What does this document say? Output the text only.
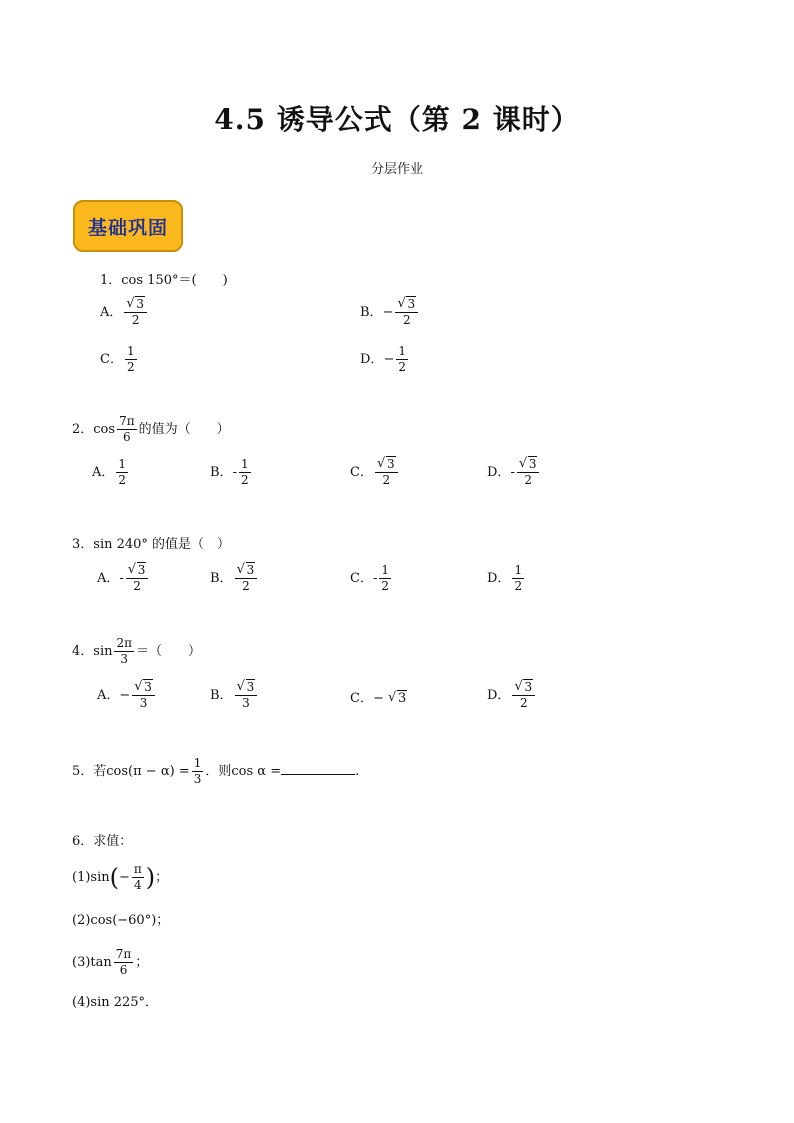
4.5 诱导公式（第 2 课时）
分层作业
基础巩固
1．cos 150°＝(　　)
A． √ $\frac{3}{2}$	B．− √ $\frac{3}{2}$
C． $\frac{1}{2}$	D．− $\frac{1}{2}$
2．$\cos \frac{7\pi}{6}$ 的值为（　　）
A． $\frac{1}{2}$	B．- $\frac{1}{2}$	C． √ $\frac{3}{2}$	D．- √ $\frac{3}{2}$
3．sin 240° 的值是（　）
A．- √ $\frac{3}{2}$	B． √ $\frac{3}{2}$	C．- $\frac{1}{2}$	D． $\frac{1}{2}$
4．$\sin \frac{2\pi}{3}$ ＝（　　）
A．− √ $\frac{3}{3}$	B． √ $\frac{3}{3}$	C．− √ 3	D． √ $\frac{3}{2}$
5．若$\cos(\pi - \alpha) = \frac{1}{3}$ ．则cos α =	.
6．求值：
$(1)\sin(- \frac{\pi}{4}$ )；
(2)cos(−60°)；
$(3)\tan \frac{7\pi}{6}$ ；
(4)sin 225°．
